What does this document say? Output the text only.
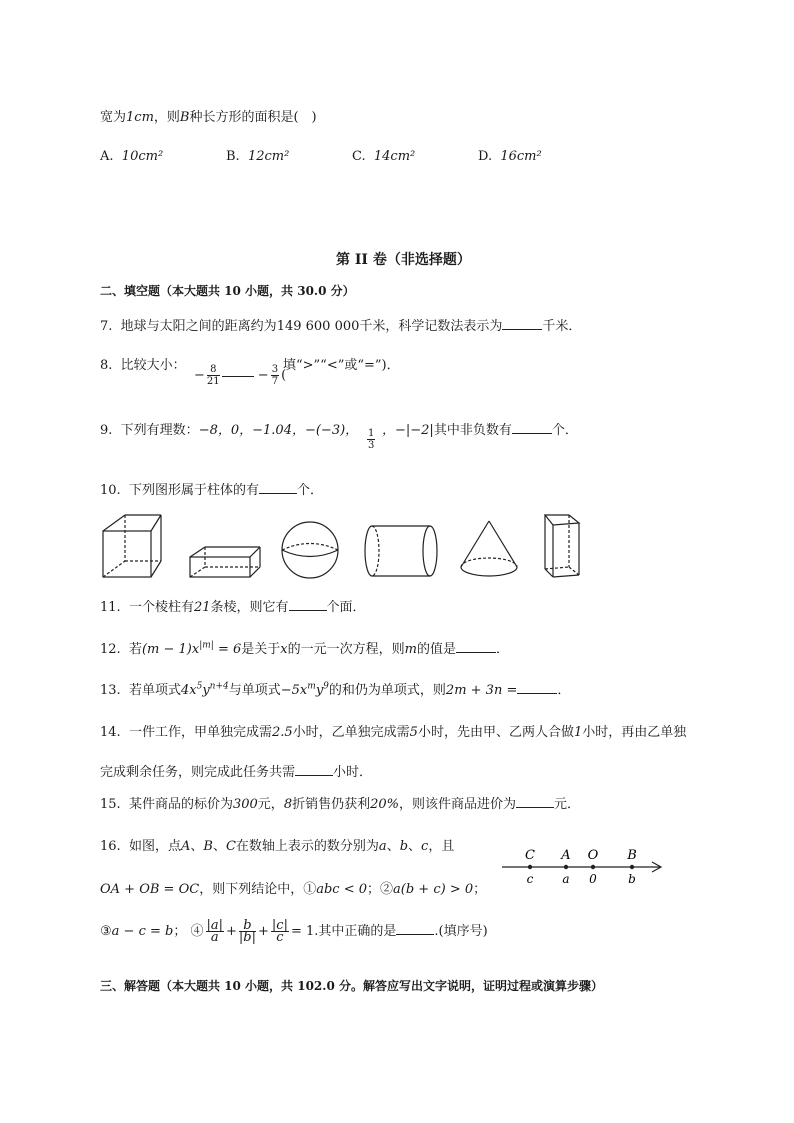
宽为1cm，则B种长方形的面积是(　)
A. 10cm²	B. 12cm²	C. 14cm²	D. 16cm²
第 II 卷（非选择题）
二、填空题（本大题共 10 小题，共 30.0 分）
7. 地球与太阳之间的距离约为149 600 000千米，科学记数法表示为	千米．
8. 比较大小：
− $\frac{8}{21}$	− $\frac{3}{7}$ (
填“>”“<”或“=”)．
9. 下列有理数：−8，0，−1.04，−(−3)， $\frac{1}{3}$ ，−|−2|其中非负数有	个．
10. 下列图形属于柱体的有	个．
11. 一个棱柱有21条棱，则它有	个面．
12. 若$(m - 1)x^{|m|} = 6$是关于x的一元一次方程，则m的值是	．
13. 若单项式$4x^5y^{n+4}$与单项式$-5x^my^9$的和仍为单项式，则2m + 3n =	．
14. 一件工作，甲单独完成需2.5小时，乙单独完成需5小时，先由甲、乙两人合做1小时，再由乙单独
完成剩余任务，则完成此任务共需	小时．
15. 某件商品的标价为300元，8折销售仍获利20%，则该件商品进价为	元．
16. 如图，点A、B、C在数轴上表示的数分别为a、b、c，且
OA + OB = OC，则下列结论中，①abc < 0；②a(b + c) > 0；
③a − c = b； ④ $\frac{|a|}{a} + \frac{b}{|b|} + \frac{|c|}{c} = 1$.其中正确的是	.(填序号)
C
c
A
a
O
0
B
b
三、解答题（本大题共 10 小题，共 102.0 分。解答应写出文字说明，证明过程或演算步骤）
